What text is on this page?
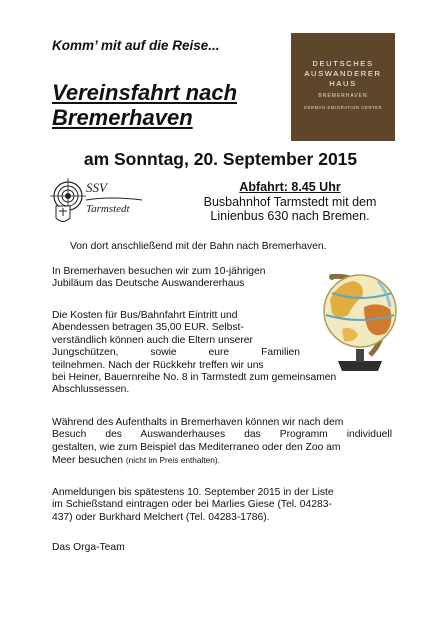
Komm’ mit auf die Reise...
Vereinsfahrt nach
Bremerhaven
DEUTSCHES
AUSWANDERER
HAUS
BREMERHAVEN
GERMAN EMIGRATION CENTER
am Sonntag, 20. September 2015
SSV
Tarmstedt
Abfahrt: 8.45 Uhr
Busbahnhof Tarmstedt mit dem
Linienbus 630 nach Bremen.
Von dort anschließend mit der Bahn nach Bremerhaven.
In Bremerhaven besuchen wir zum 10-jährigen
Jubiläum das Deutsche Auswandererhaus
Die Kosten für Bus/Bahnfahrt Eintritt und
Abendessen betragen 35,00 EUR. Selbst-
verständlich können auch die Eltern unserer
Jungschützen, sowie eure Familien
teilnehmen. Nach der Rückkehr treffen wir uns
bei Heiner, Bauernreihe No. 8 in Tarmstedt zum gemeinsamen
Abschlussessen.
Während des Aufenthalts in Bremerhaven können wir nach dem
Besuch des Auswanderhauses das Programm individuell
gestalten, wie zum Beispiel das Mediterraneo oder den Zoo am
Meer besuchen (nicht im Preis enthalten).
Anmeldungen bis spätestens 10. September 2015 in der Liste
im Schießstand eintragen oder bei Marlies Giese (Tel. 04283-
437) oder Burkhard Melchert (Tel. 04283-1786).
Das Orga-Team
